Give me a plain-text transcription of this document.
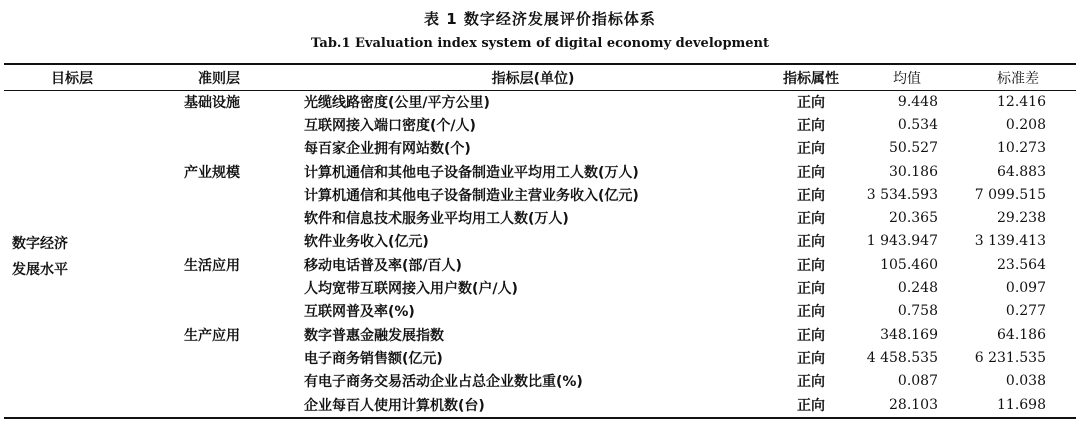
表 1 数字经济发展评价指标体系
Tab.1 Evaluation index system of digital economy development
目标层	准则层	指标层(单位)	指标属性	均值	标准差

数字经济
发展水平	基础设施	光缆线路密度(公里/平方公里)	正向	9.448	12.416
		互联网接入端口密度(个/人)	正向	0.534	0.208
		每百家企业拥有网站数(个)	正向	50.527	10.273
	产业规模	计算机通信和其他电子设备制造业平均用工人数(万人)	正向	30.186	64.883
		计算机通信和其他电子设备制造业主营业务收入(亿元)	正向	3 534.593	7 099.515
		软件和信息技术服务业平均用工人数(万人)	正向	20.365	29.238
		软件业务收入(亿元)	正向	1 943.947	3 139.413
	生活应用	移动电话普及率(部/百人)	正向	105.460	23.564
		人均宽带互联网接入用户数(户/人)	正向	0.248	0.097
		互联网普及率(%)	正向	0.758	0.277
	生产应用	数字普惠金融发展指数	正向	348.169	64.186
		电子商务销售额(亿元)	正向	4 458.535	6 231.535
		有电子商务交易活动企业占总企业数比重(%)	正向	0.087	0.038
		企业每百人使用计算机数(台)	正向	28.103	11.698
